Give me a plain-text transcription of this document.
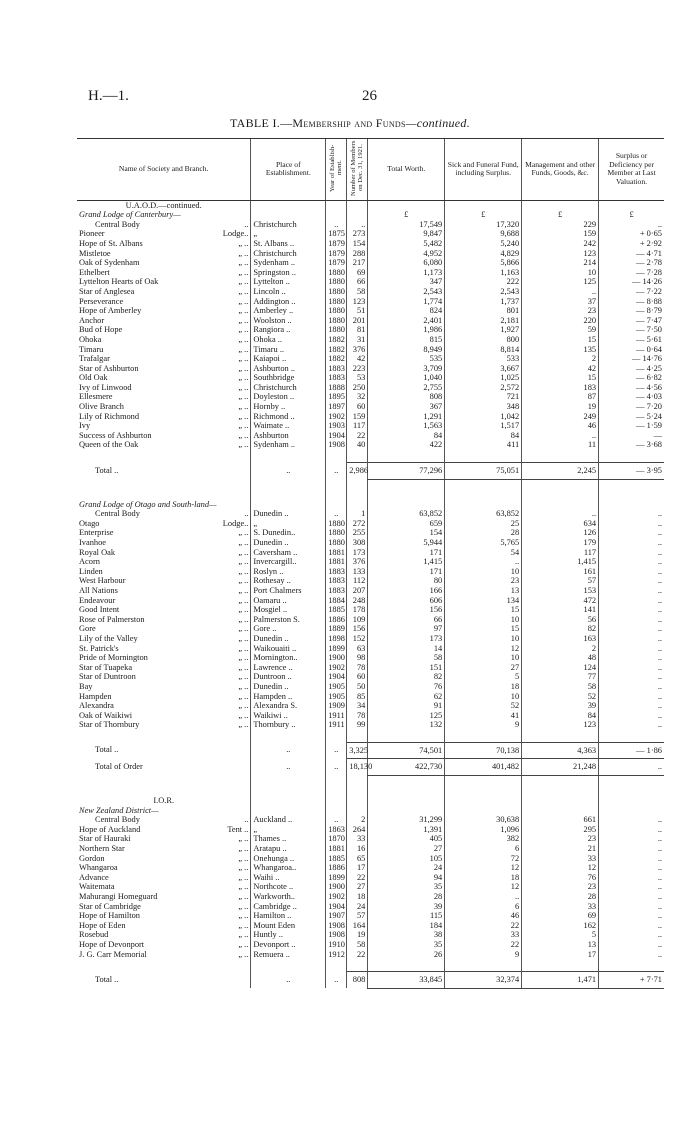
H.—1.	26
TABLE I.—Membership and Funds—continued.
Name of Society and Branch.	Place of Establishment.	Year of Establish-ment.	Number of Members on Dec. 31, 1921.	Total Worth.	Sick and Funeral Fund, including Surplus.	Management and other Funds, Goods, &c.	Surplus or Deficiency per Member at Last Valuation.
U.A.O.D.—continued.							
Grand Lodge of Canterbury—				£	£	£	£

Central Body ..	Christchurch	..	..	17,549	17,320	229	..

Pioneer Lodge..	„	1875	273	9,847	9,688	159	+ 0·65

Hope of St. Albans „ ..	St. Albans ..	1879	154	5,482	5,240	242	+ 2·92

Mistletoe „ ..	Christchurch	1879	288	4,952	4,829	123	— 4·71

Oak of Sydenham „ ..	Sydenham ..	1879	217	6,080	5,866	214	— 2·78

Ethelbert „ ..	Springston ..	1880	69	1,173	1,163	10	— 7·28

Lyttelton Hearts of Oak „ ..	Lyttelton ..	1880	66	347	222	125	— 14·26

Star of Anglesea „ ..	Lincoln ..	1880	58	2,543	2,543	..	— 7·22

Perseverance „ ..	Addington ..	1880	123	1,774	1,737	37	— 8·88

Hope of Amberley „ ..	Amberley ..	1880	51	824	801	23	— 8·79

Anchor „ ..	Woolston ..	1880	201	2,401	2,181	220	— 7·47

Bud of Hope „ ..	Rangiora ..	1880	81	1,986	1,927	59	— 7·50

Ohoka „ ..	Ohoka ..	1882	31	815	800	15	— 5·61

Timaru „ ..	Timaru ..	1882	376	8,949	8,814	135	— 0·64

Trafalgar „ ..	Kaiapoi ..	1882	42	535	533	2	— 14·76

Star of Ashburton „ ..	Ashburton ..	1883	223	3,709	3,667	42	— 4·25

Old Oak „ ..	Southbridge	1883	53	1,040	1,025	15	— 6·82

Ivy of Linwood „ ..	Christchurch	1888	250	2,755	2,572	183	— 4·56

Ellesmere „ ..	Doyleston ..	1895	32	808	721	87	— 4·03

Olive Branch „ ..	Hornby ..	1897	60	367	348	19	— 7·20

Lily of Richmond „ ..	Richmond ..	1902	159	1,291	1,042	249	— 5·24

Ivy „ ..	Waimate ..	1903	117	1,563	1,517	46	— 1·59

Success of Ashburton „ ..	Ashburton	1904	22	84	84	..	—

Queen of the Oak „ ..	Sydenham ..	1908	40	422	411	11	— 3·68

Total ..	..	..	2,986	77,296	75,051	2,245	— 3·95

Grand Lodge of Otago and South-land—							

Central Body ..	Dunedin ..	..	1	63,852	63,852	..	..

Otago Lodge..	„	1880	272	659	25	634	..

Enterprise „ ..	S. Dunedin..	1880	255	154	28	126	..

Ivanhoe „ ..	Dunedin ..	1880	308	5,944	5,765	179	..

Royal Oak „ ..	Caversham ..	1881	173	171	54	117	..

Acorn „ ..	Invercargill..	1881	376	1,415	..	1,415	..

Linden „ ..	Roslyn ..	1883	133	171	10	161	..

West Harbour „ ..	Rothesay ..	1883	112	80	23	57	..

All Nations „ ..	Port Chalmers	1883	207	166	13	153	..

Endeavour „ ..	Oamaru ..	1884	248	606	134	472	..

Good Intent „ ..	Mosgiel ..	1885	178	156	15	141	..

Rose of Palmerston „ ..	Palmerston S.	1886	109	66	10	56	..

Gore „ ..	Gore ..	1889	156	97	15	82	..

Lily of the Valley „ ..	Dunedin ..	1898	152	173	10	163	..

St. Patrick's „ ..	Waikouaiti ..	1899	63	14	12	2	..

Pride of Mornington „ ..	Mornington..	1900	98	58	10	48	..

Star of Tuapeka „ ..	Lawrence ..	1902	78	151	27	124	..

Star of Duntroon „ ..	Duntroon ..	1904	60	82	5	77	..

Bay „ ..	Dunedin ..	1905	50	76	18	58	..

Hampden „ ..	Hampden ..	1905	85	62	10	52	..

Alexandra „ ..	Alexandra S.	1909	34	91	52	39	..

Oak of Waikiwi „ ..	Waikiwi ..	1911	78	125	41	84	..

Star of Thornbury „ ..	Thornbury ..	1911	99	132	9	123	..

Total ..	..	..	3,325	74,501	70,138	4,363	— 1·86
Total of Order	..	..	18,130	422,730	401,482	21,248	..

I.O.R.							
New Zealand District—							

Central Body ..	Auckland ..	..	2	31,299	30,638	661	..

Hope of Auckland Tent ..	„	1863	264	1,391	1,096	295	..

Star of Hauraki „ ..	Thames ..	1870	33	405	382	23	..

Northern Star „ ..	Aratapu ..	1881	16	27	6	21	..

Gordon „ ..	Onehunga ..	1885	65	105	72	33	..

Whangaroa „ ..	Whangaroa..	1886	17	24	12	12	..

Advance „ ..	Waihi ..	1899	22	94	18	76	..

Waitemata „ ..	Northcote ..	1900	27	35	12	23	..

Mahurangi Homeguard „ ..	Warkworth..	1902	18	28	..	28	..

Star of Cambridge „ ..	Cambridge ..	1904	24	39	6	33	..

Hope of Hamilton „ ..	Hamilton ..	1907	57	115	46	69	..

Hope of Eden „ ..	Mount Eden	1908	164	184	22	162	..

Rosebud „ ..	Huntly ..	1908	19	38	33	5	..

Hope of Devonport „ ..	Devonport ..	1910	58	35	22	13	..

J. G. Carr Memorial „ ..	Remuera ..	1912	22	26	9	17	..

Total ..	..	..	808	33,845	32,374	1,471	+ 7·71
